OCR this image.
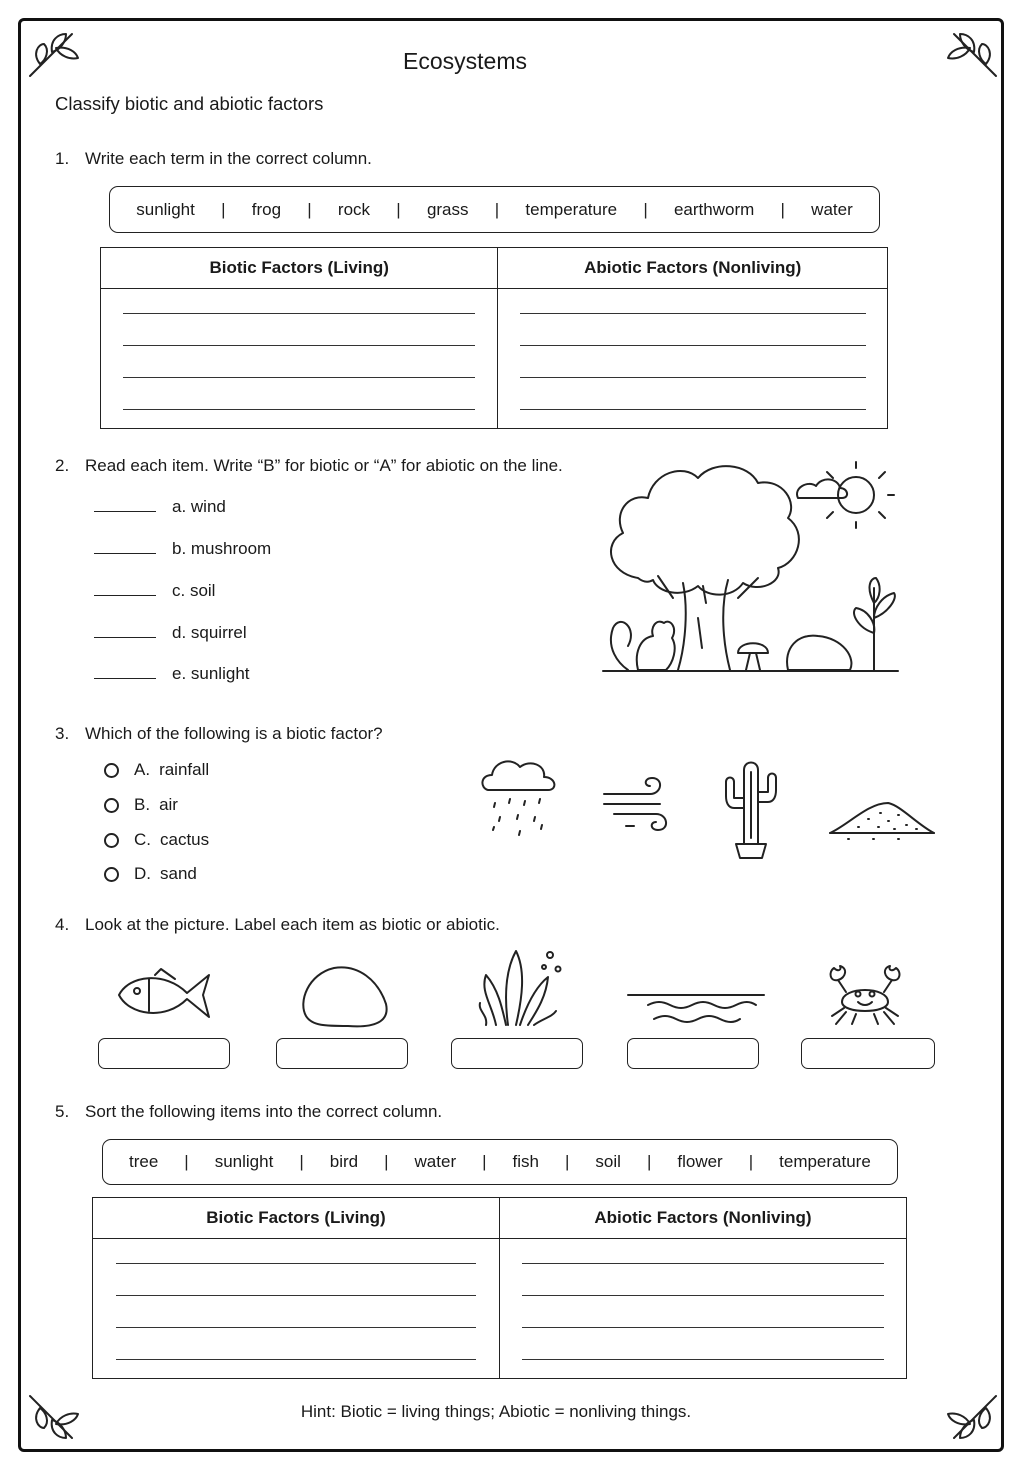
Ecosystems
Classify biotic and abiotic factors
1. Write each term in the correct column.
sunlight | frog | rock | grass | temperature | earthworm | water
Biotic Factors (Living)	Abiotic Factors (Nonliving)

2. Read each item. Write “B” for biotic or “A” for abiotic on the line.
a. wind
b. mushroom
c. soil
d. squirrel
e. sunlight
3. Which of the following is a biotic factor?
A. rainfall
B. air
C. cactus
D. sand
4. Look at the picture. Label each item as biotic or abiotic.
5. Sort the following items into the correct column.
tree | sunlight | bird | water | fish | soil | flower | temperature
Biotic Factors (Living)	Abiotic Factors (Nonliving)

Hint: Biotic = living things; Abiotic = nonliving things.
